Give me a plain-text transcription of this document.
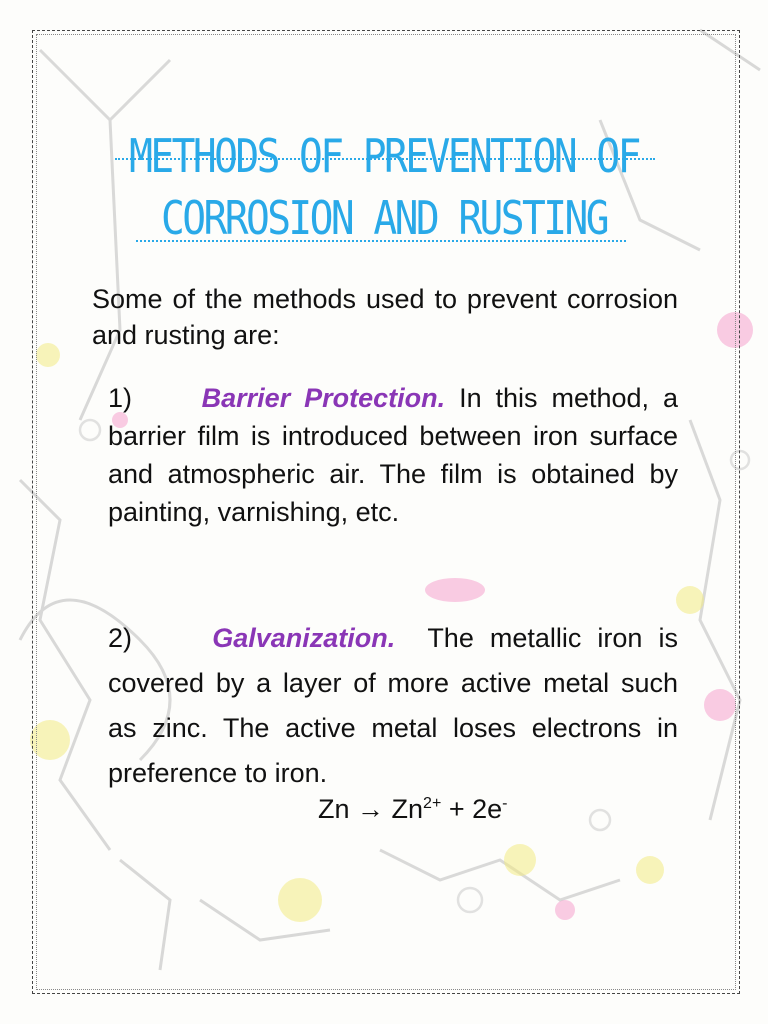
METHODS OF PREVENTION OF
CORROSION AND RUSTING
Some of the methods used to prevent corrosion and rusting are:
1)	Barrier Protection. In this method, a barrier film is introduced between iron surface and atmospheric air. The film is obtained by painting, varnishing, etc.
2)	Galvanization. The metallic iron is covered by a layer of more active metal such as zinc. The active metal loses electrons in preference to iron.
$Zn \to Zn^{2+} + 2e^-$
